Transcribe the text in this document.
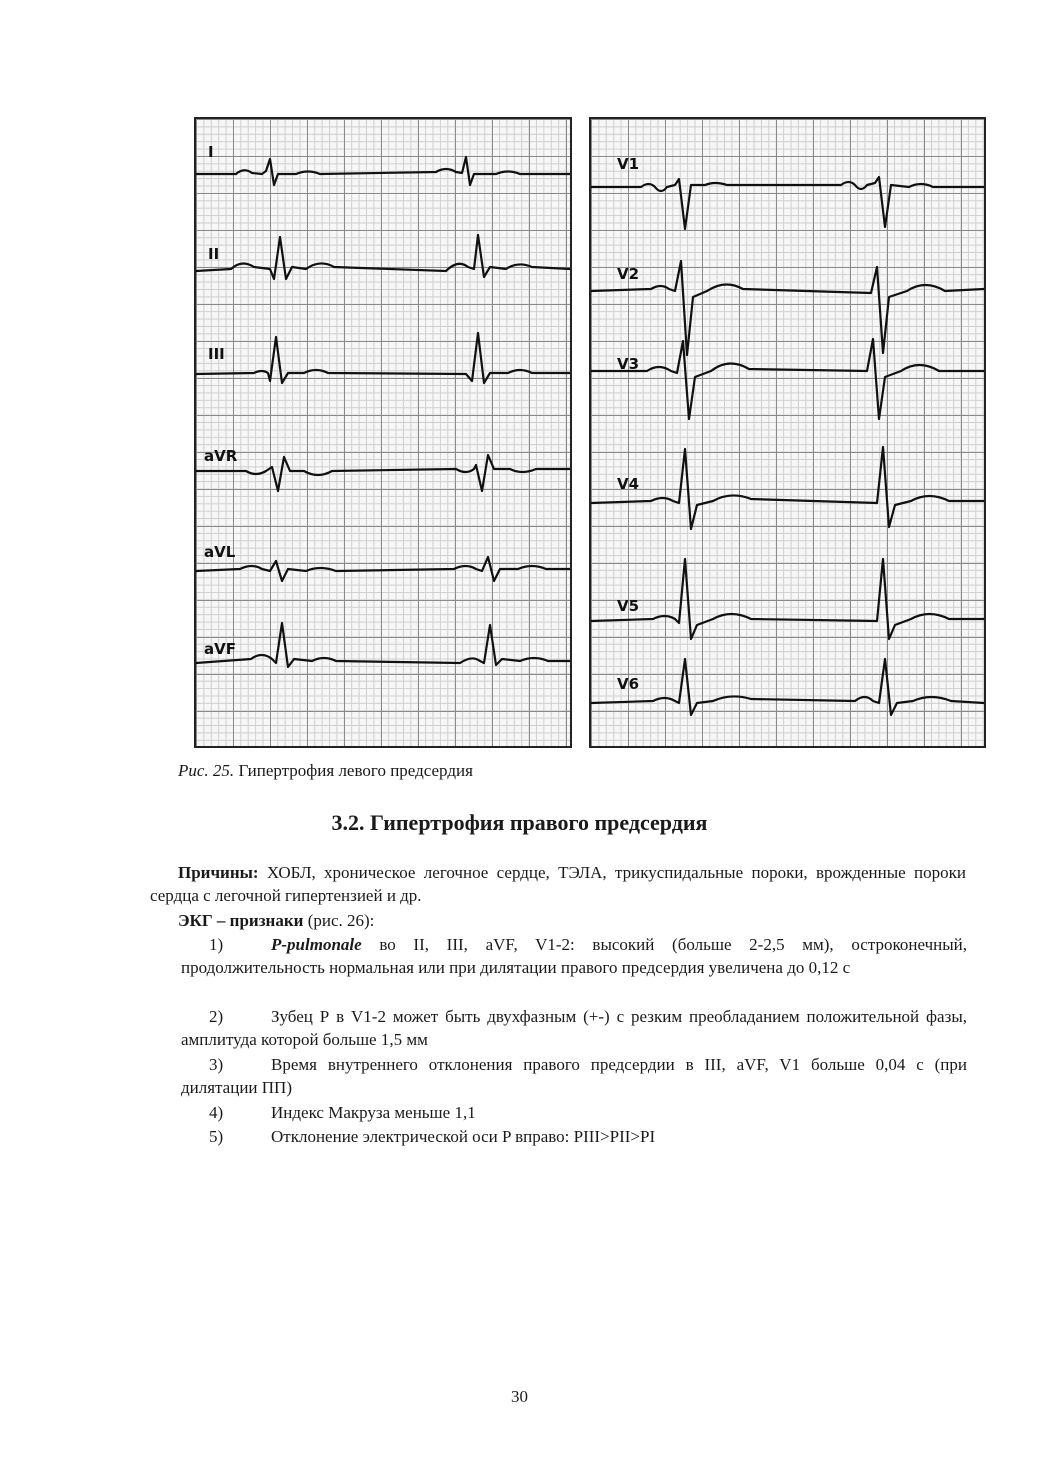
I
II
III
aVR
aVL
aVF
V1
V2
V3
V4
V5
V6
Рис. 25. Гипертрофия левого предсердия
3.2. Гипертрофия правого предсердия
Причины: ХОБЛ, хроническое легочное сердце, ТЭЛА, трикуспидальные пороки, врожденные пороки сердца с легочной гипертензией и др.
ЭКГ – признаки (рис. 26):
1)	P-pulmonale во II, III, aVF, V1-2: высокий (больше 2-2,5 мм), остроконечный, продолжительность нормальная или при дилятации правого предсердия увеличена до 0,12 с
2)	Зубец Р в V1-2 может быть двухфазным (+-) с резким преобладанием положительной фазы, амплитуда которой больше 1,5 мм
3)	Время внутреннего отклонения правого предсердии в III, aVF, V1 больше 0,04 с (при дилятации ПП)
4)	Индекс Макруза меньше 1,1
5)	Отклонение электрической оси P вправо: PIII>PII>PI
30
